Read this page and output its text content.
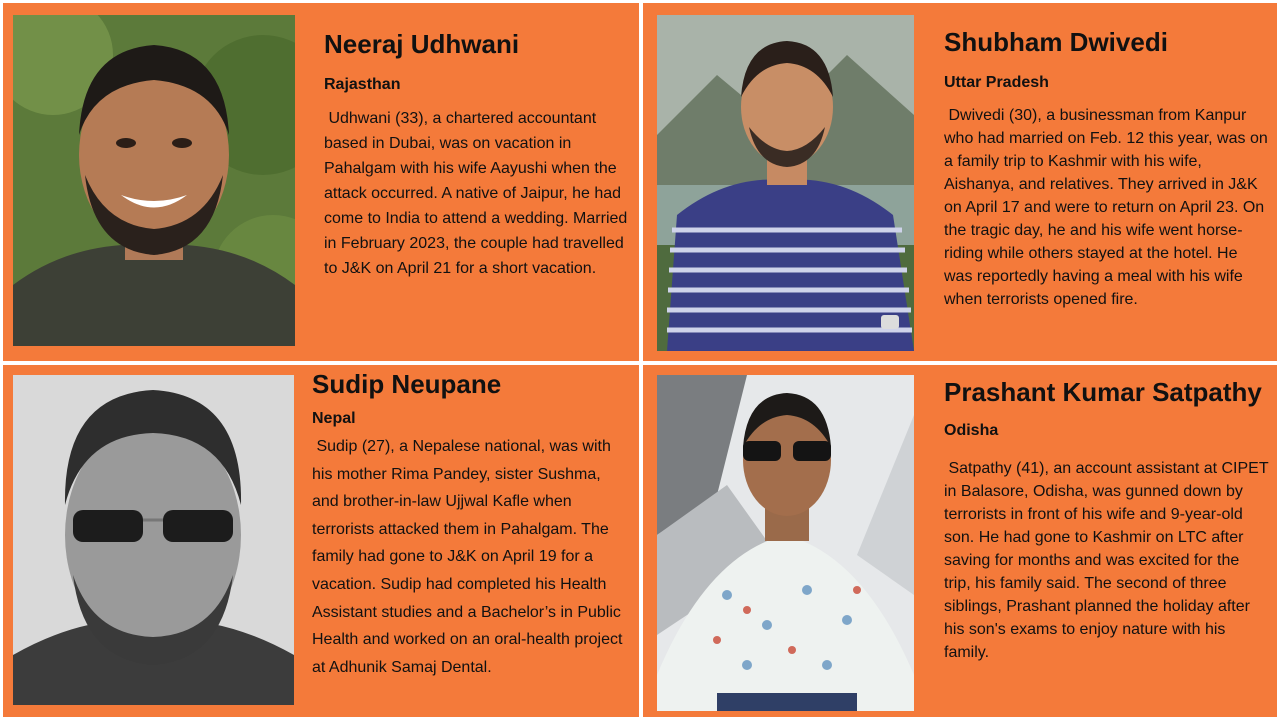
Neeraj Udhwani

Rajasthan

Udhwani (33), a chartered accountant based in Dubai, was on vacation in Pahalgam with his wife Aayushi when the attack occurred. A native of Jaipur, he had come to India to attend a wedding. Married in February 2023, the couple had travelled to J&K on April 21 for a short vacation.

Shubham Dwivedi

Uttar Pradesh

Dwivedi (30), a businessman from Kanpur who had married on Feb. 12 this year, was on a family trip to Kashmir with his wife, Aishanya, and relatives. They arrived in J&K on April 17 and were to return on April 23. On the tragic day, he and his wife went horse-riding while others stayed at the hotel. He was reportedly having a meal with his wife when terrorists opened fire.

Sudip Neupane

Nepal

Sudip (27), a Nepalese national, was with his mother Rima Pandey, sister Sushma, and brother-in-law Ujjwal Kafle when terrorists attacked them in Pahalgam. The family had gone to J&K on April 19 for a vacation. Sudip had completed his Health Assistant studies and a Bachelor’s in Public Health and worked on an oral-health project at Adhunik Samaj Dental.

Prashant Kumar Satpathy

Odisha

Satpathy (41), an account assistant at CIPET in Balasore, Odisha, was gunned down by terrorists in front of his wife and 9-year-old son. He had gone to Kashmir on LTC after saving for months and was excited for the trip, his family said. The second of three siblings, Prashant planned the holiday after his son's exams to enjoy nature with his family.
